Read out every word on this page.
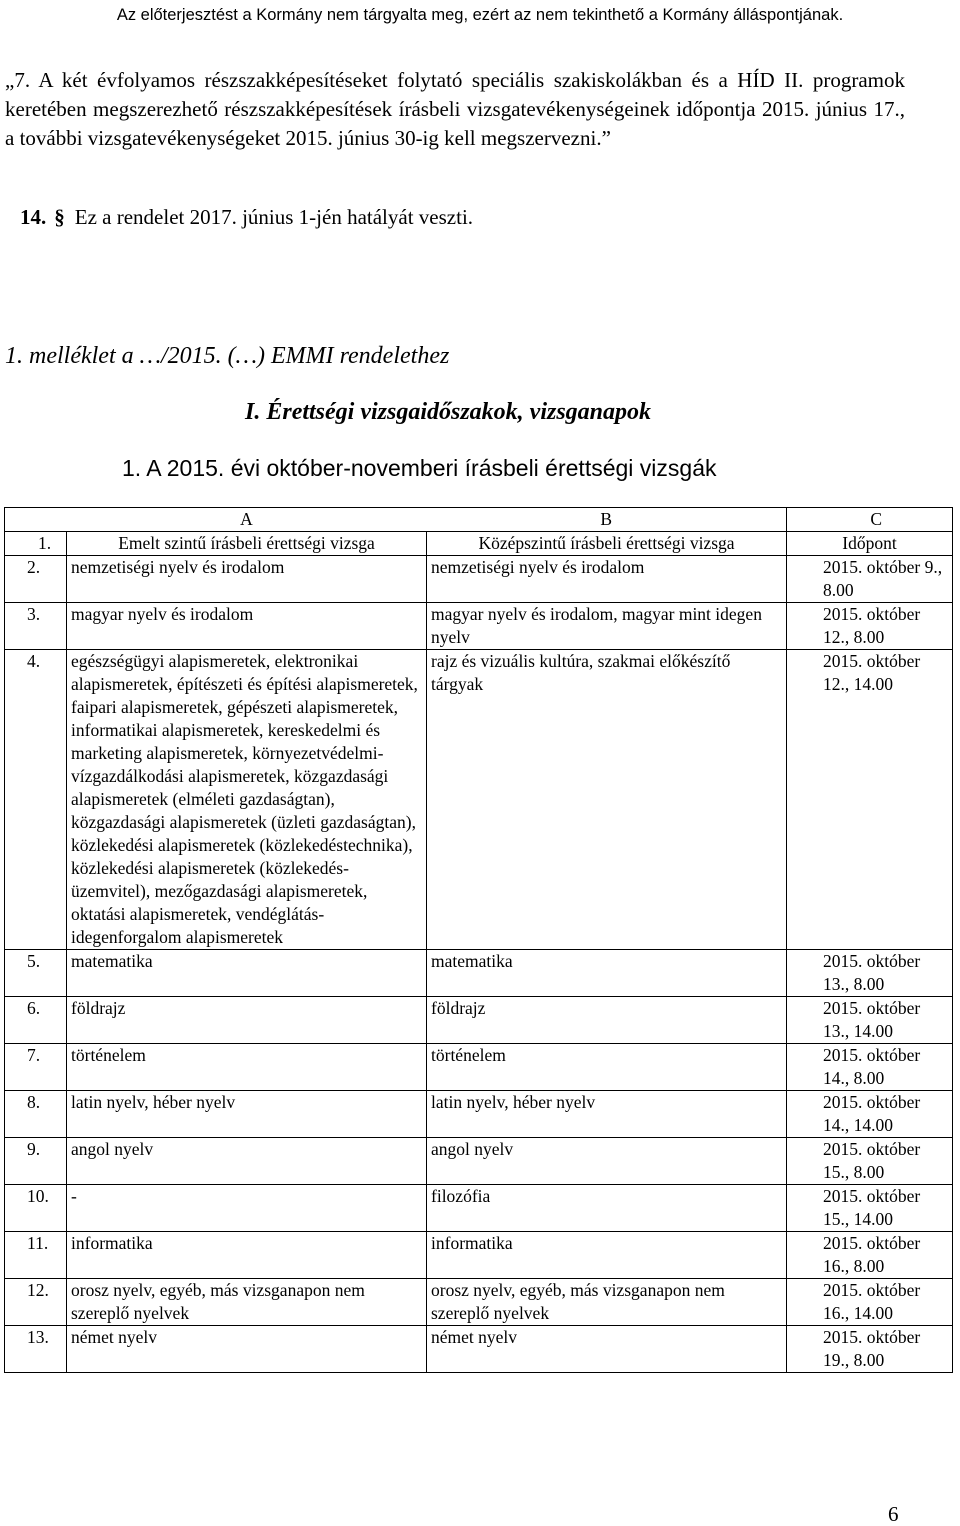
Az előterjesztést a Kormány nem tárgyalta meg, ezért az nem tekinthető a Kormány álláspontjának.
„7. A két évfolyamos részszakképesítéseket folytató speciális szakiskolákban és a HÍD II. programok keretében megszerezhető részszakképesítések írásbeli vizsgatevékenységeinek időpontja 2015. június 17., a további vizsgatevékenységeket 2015. június 30-ig kell megszervezni.”
14. § Ez a rendelet 2017. június 1-jén hatályát veszti.
1. melléklet a …/2015. (…) EMMI rendelethez
I. Érettségi vizsgaidőszakok, vizsganapok
1. A 2015. évi október-novemberi írásbeli érettségi vizsgák
	A	B	C
1.	Emelt szintű írásbeli érettségi vizsga	Középszintű írásbeli érettségi vizsga	Időpont
2.	nemzetiségi nyelv és irodalom	nemzetiségi nyelv és irodalom	2015. október 9., 8.00
3.	magyar nyelv és irodalom	magyar nyelv és irodalom, magyar mint idegen nyelv	2015. október 12., 8.00
4.	egészségügyi alapismeretek, elektronikai alapismeretek, építészeti és építési alapismeretek, faipari alapismeretek, gépészeti alapismeretek, informatikai alapismeretek, kereskedelmi és marketing alapismeretek, környezetvédelmi-vízgazdálkodási alapismeretek, közgazdasági alapismeretek (elméleti gazdaságtan), közgazdasági alapismeretek (üzleti gazdaságtan), közlekedési alapismeretek (közlekedéstechnika), közlekedési alapismeretek (közlekedés-üzemvitel), mezőgazdasági alapismeretek, oktatási alapismeretek, vendéglátás-idegenforgalom alapismeretek	rajz és vizuális kultúra, szakmai előkészítő tárgyak	2015. október 12., 14.00
5.	matematika	matematika	2015. október 13., 8.00
6.	földrajz	földrajz	2015. október 13., 14.00
7.	történelem	történelem	2015. október 14., 8.00
8.	latin nyelv, héber nyelv	latin nyelv, héber nyelv	2015. október 14., 14.00
9.	angol nyelv	angol nyelv	2015. október 15., 8.00
10.	-	filozófia	2015. október 15., 14.00
11.	informatika	informatika	2015. október 16., 8.00
12.	orosz nyelv, egyéb, más vizsganapon nem szereplő nyelvek	orosz nyelv, egyéb, más vizsganapon nem szereplő nyelvek	2015. október 16., 14.00
13.	német nyelv	német nyelv	2015. október 19., 8.00
6
